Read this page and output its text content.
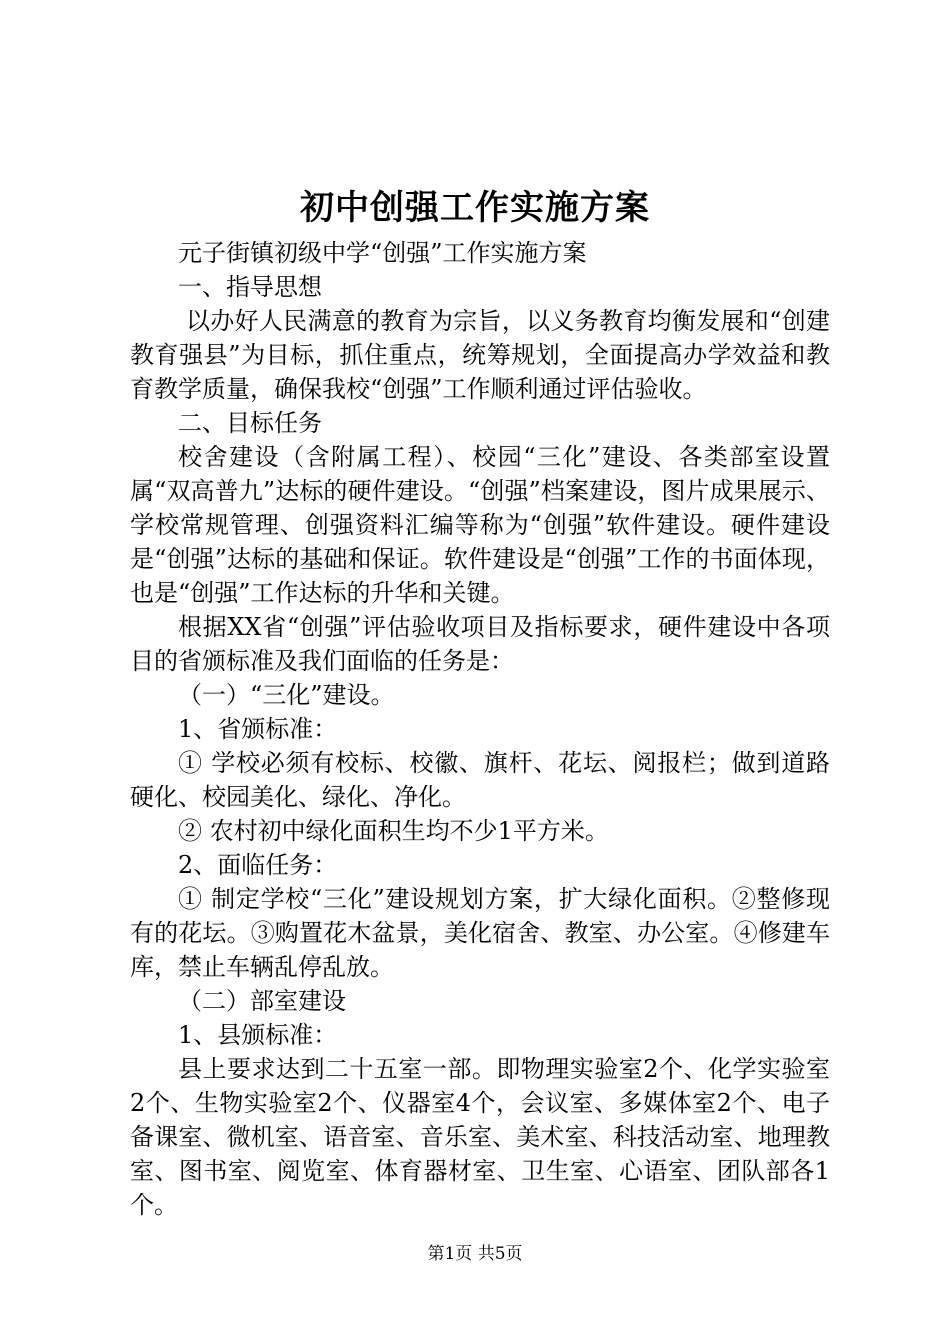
初中创强工作实施方案

元子街镇初级中学“创强”工作实施方案

一、指导思想

以办好人民满意的教育为宗旨，以义务教育均衡发展和“创建教育强县”为目标，抓住重点，统筹规划，全面提高办学效益和教育教学质量，确保我校“创强”工作顺利通过评估验收。

二、目标任务

校舍建设（含附属工程）、校园“三化”建设、各类部室设置属“双高普九”达标的硬件建设。“创强”档案建设，图片成果展示、学校常规管理、创强资料汇编等称为“创强”软件建设。硬件建设是“创强”达标的基础和保证。软件建设是“创强”工作的书面体现，也是“创强”工作达标的升华和关键。

根据XX省“创强”评估验收项目及指标要求，硬件建设中各项目的省颁标准及我们面临的任务是：

（一）“三化”建设。

1、省颁标准：

① 学校必须有校标、校徽、旗杆、花坛、阅报栏；做到道路硬化、校园美化、绿化、净化。

② 农村初中绿化面积生均不少1平方米。

2、面临任务：

① 制定学校“三化”建设规划方案，扩大绿化面积。②整修现有的花坛。③购置花木盆景，美化宿舍、教室、办公室。④修建车库，禁止车辆乱停乱放。

（二）部室建设

1、县颁标准：

县上要求达到二十五室一部。即物理实验室2个、化学实验室2个、生物实验室2个、仪器室4个，会议室、多媒体室2个、电子备课室、微机室、语音室、音乐室、美术室、科技活动室、地理教室、图书室、阅览室、体育器材室、卫生室、心语室、团队部各1个。

第1页 共5页
